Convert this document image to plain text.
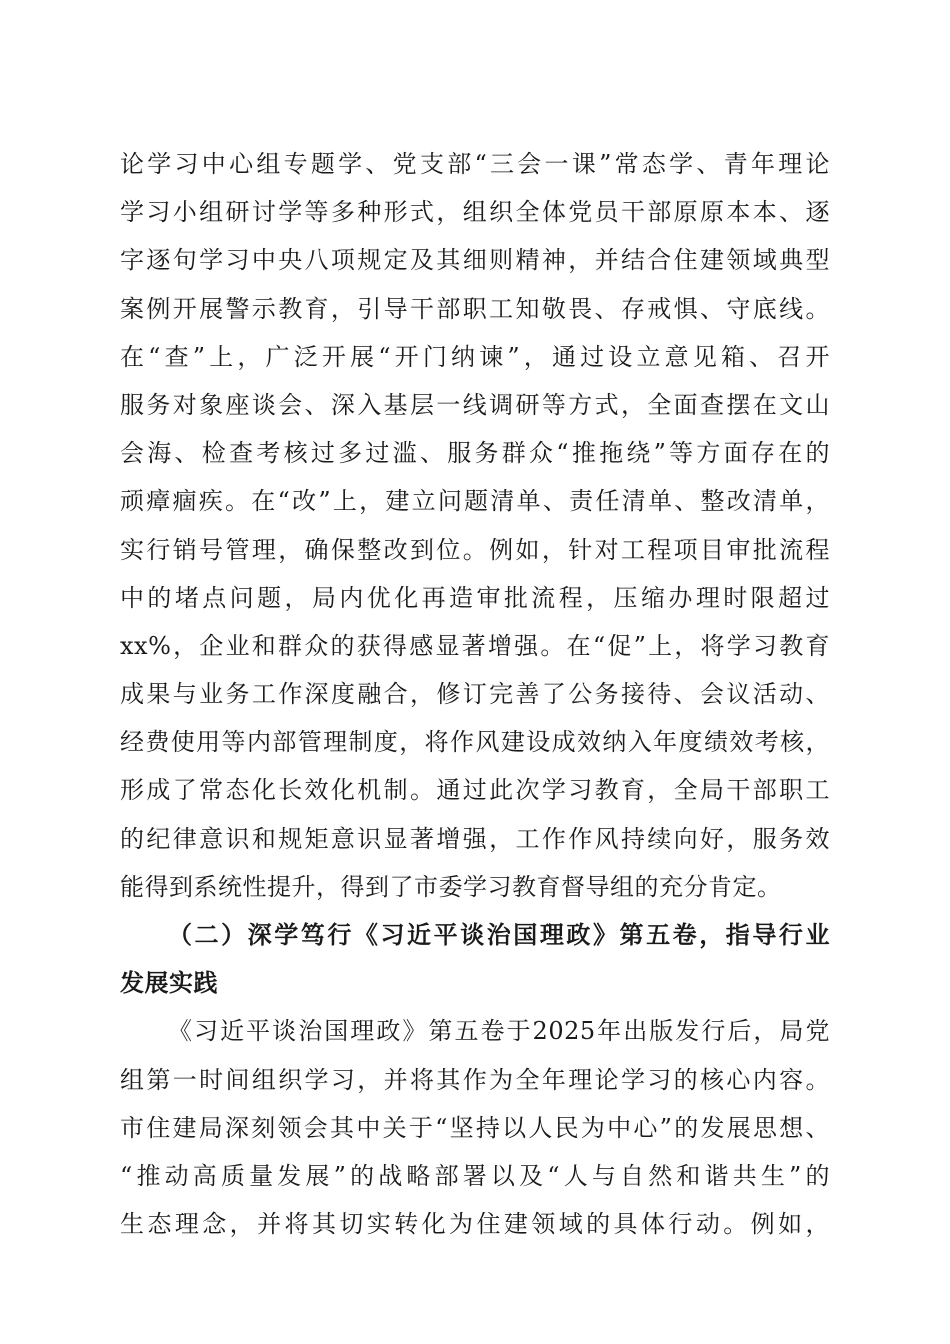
论学习中心组专题学、党支部“三会一课”常态学、青年理论
学习小组研讨学等多种形式，组织全体党员干部原原本本、逐
字逐句学习中央八项规定及其细则精神，并结合住建领域典型
案例开展警示教育，引导干部职工知敬畏、存戒惧、守底线。
在“查”上，广泛开展“开门纳谏”，通过设立意见箱、召开
服务对象座谈会、深入基层一线调研等方式，全面查摆在文山
会海、检查考核过多过滥、服务群众“推拖绕”等方面存在的
顽瘴痼疾。在“改”上，建立问题清单、责任清单、整改清单，
实行销号管理，确保整改到位。例如，针对工程项目审批流程
中的堵点问题，局内优化再造审批流程，压缩办理时限超过
xx%，企业和群众的获得感显著增强。在“促”上，将学习教育
成果与业务工作深度融合，修订完善了公务接待、会议活动、
经费使用等内部管理制度，将作风建设成效纳入年度绩效考核，
形成了常态化长效化机制。通过此次学习教育，全局干部职工
的纪律意识和规矩意识显著增强，工作作风持续向好，服务效
能得到系统性提升，得到了市委学习教育督导组的充分肯定。
（二）深学笃行《习近平谈治国理政》第五卷，指导行业
发展实践
《习近平谈治国理政》第五卷于2025年出版发行后，局党
组第一时间组织学习，并将其作为全年理论学习的核心内容。
市住建局深刻领会其中关于“坚持以人民为中心”的发展思想、
“推动高质量发展”的战略部署以及“人与自然和谐共生”的
生态理念，并将其切实转化为住建领域的具体行动。例如，
